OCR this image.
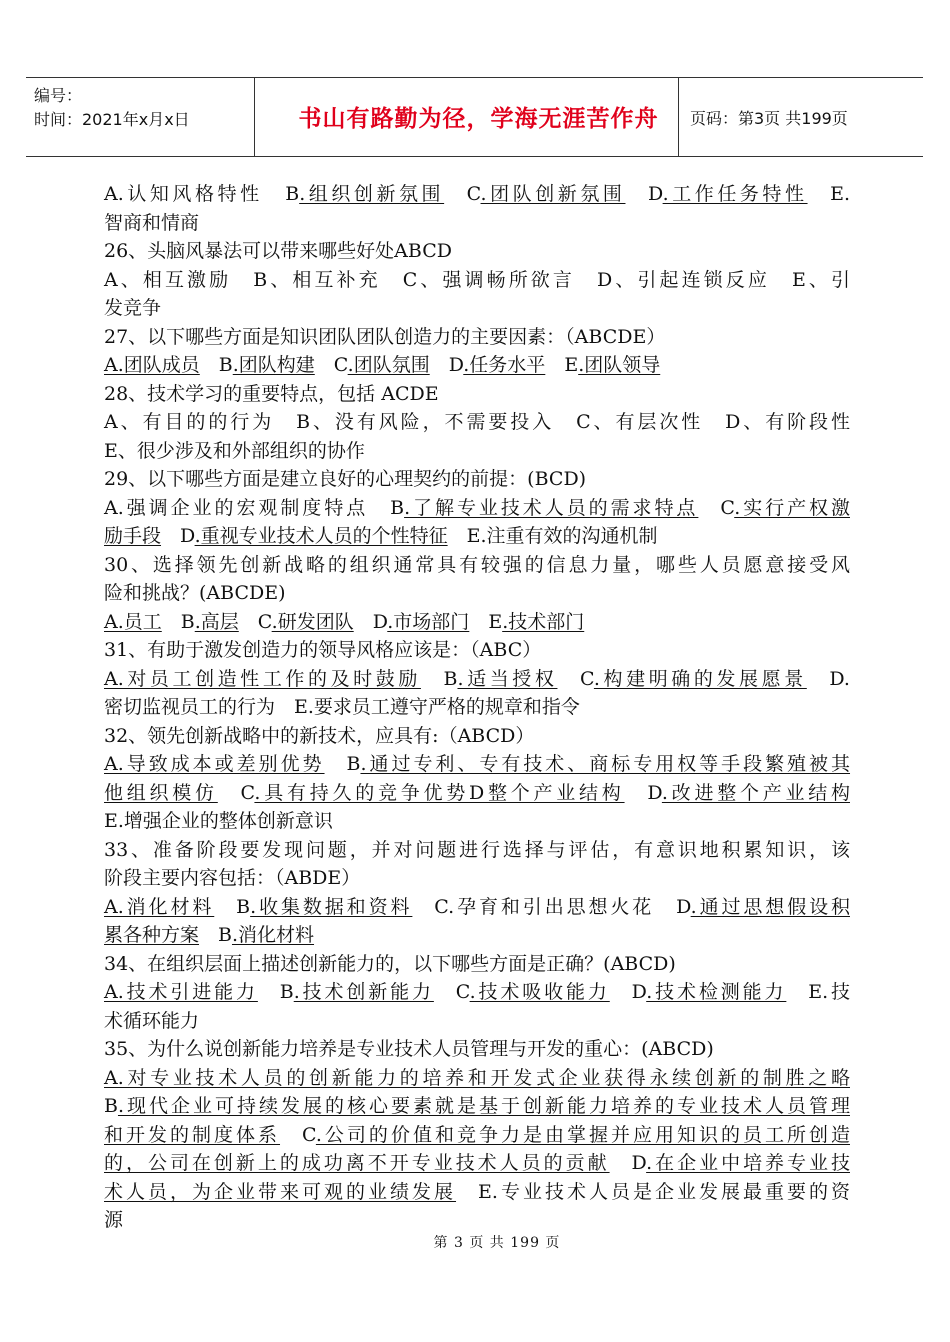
编号：
时间：2021年x月x日	书山有路勤为径，学海无涯苦作舟	页码：第3页 共199页
A.认知风格特性　B.组织创新氛围　C.团队创新氛围　D.工作任务特性　E.
智商和情商
26、头脑风暴法可以带来哪些好处ABCD
A、相互激励　B、相互补充　C、强调畅所欲言　D、引起连锁反应　E、引
发竞争
27、以下哪些方面是知识团队团队创造力的主要因素：（ABCDE）
A.团队成员　B.团队构建　C.团队氛围　D.任务水平　E.团队领导
28、技术学习的重要特点，包括 ACDE
A、有目的的行为　B、没有风险，不需要投入　C、有层次性　D、有阶段性
E、很少涉及和外部组织的协作
29、以下哪些方面是建立良好的心理契约的前提：(BCD)
A.强调企业的宏观制度特点　B.了解专业技术人员的需求特点　C.实行产权激
励手段　D.重视专业技术人员的个性特征　E.注重有效的沟通机制
30、选择领先创新战略的组织通常具有较强的信息力量，哪些人员愿意接受风
险和挑战？(ABCDE)
A.员工　B.高层　C.研发团队　D.市场部门　E.技术部门
31、有助于激发创造力的领导风格应该是：（ABC）
A.对员工创造性工作的及时鼓励　B.适当授权　C.构建明确的发展愿景　D.
密切监视员工的行为　E.要求员工遵守严格的规章和指令
32、领先创新战略中的新技术，应具有:（ABCD）
A.导致成本或差别优势　B.通过专利、专有技术、商标专用权等手段繁殖被其
他组织模仿　C.具有持久的竞争优势D整个产业结构　D.改进整个产业结构
E.增强企业的整体创新意识
33、准备阶段要发现问题，并对问题进行选择与评估，有意识地积累知识，该
阶段主要内容包括：（ABDE）
A.消化材料　B.收集数据和资料　C.孕育和引出思想火花　D.通过思想假设积
累各种方案　B.消化材料
34、在组织层面上描述创新能力的，以下哪些方面是正确？(ABCD)
A.技术引进能力　B.技术创新能力　C.技术吸收能力　D.技术检测能力　E.技
术循环能力
35、为什么说创新能力培养是专业技术人员管理与开发的重心：(ABCD)
A.对专业技术人员的创新能力的培养和开发式企业获得永续创新的制胜之略
B.现代企业可持续发展的核心要素就是基于创新能力培养的专业技术人员管理
和开发的制度体系　C.公司的价值和竞争力是由掌握并应用知识的员工所创造
的，公司在创新上的成功离不开专业技术人员的贡献　D.在企业中培养专业技
术人员，为企业带来可观的业绩发展　E.专业技术人员是企业发展最重要的资
源
第 3 页 共 199 页
